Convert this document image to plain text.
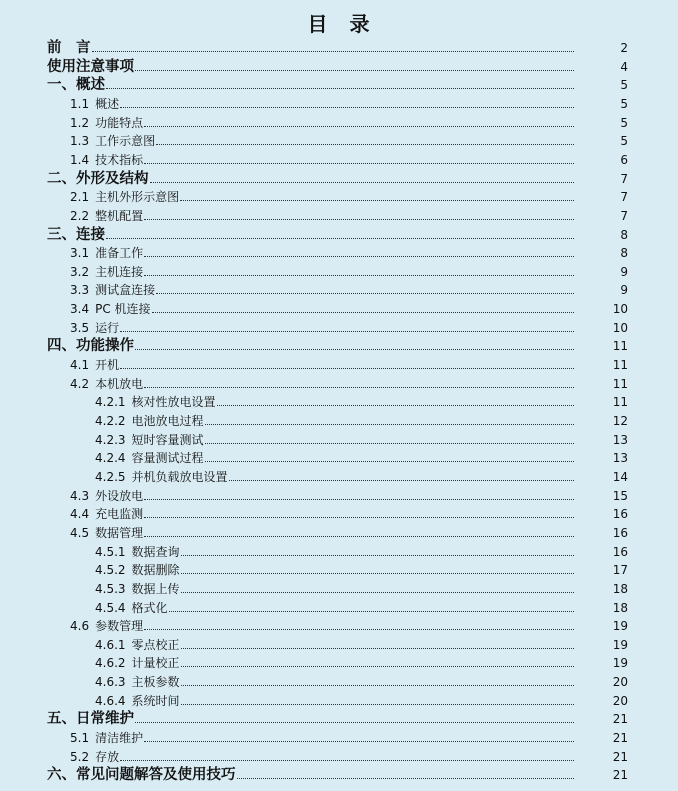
目　录
前　言	2
使用注意事项	4
一、概述	5
1.1 概述	5
1.2 功能特点	5
1.3 工作示意图	5
1.4 技术指标	6
二、外形及结构	7
2.1 主机外形示意图	7
2.2 整机配置	7
三、连接	8
3.1 准备工作	8
3.2 主机连接	9
3.3 测试盒连接	9
3.4 PC 机连接	10
3.5 运行	10
四、功能操作	11
4.1 开机	11
4.2 本机放电	11
4.2.1 核对性放电设置	11
4.2.2 电池放电过程	12
4.2.3 短时容量测试	13
4.2.4 容量测试过程	13
4.2.5 并机负载放电设置	14
4.3 外设放电	15
4.4 充电监测	16
4.5 数据管理	16
4.5.1 数据查询	16
4.5.2 数据删除	17
4.5.3 数据上传	18
4.5.4 格式化	18
4.6 参数管理	19
4.6.1 零点校正	19
4.6.2 计量校正	19
4.6.3 主板参数	20
4.6.4 系统时间	20
五、日常维护	21
5.1 清洁维护	21
5.2 存放	21
六、常见问题解答及使用技巧	21
